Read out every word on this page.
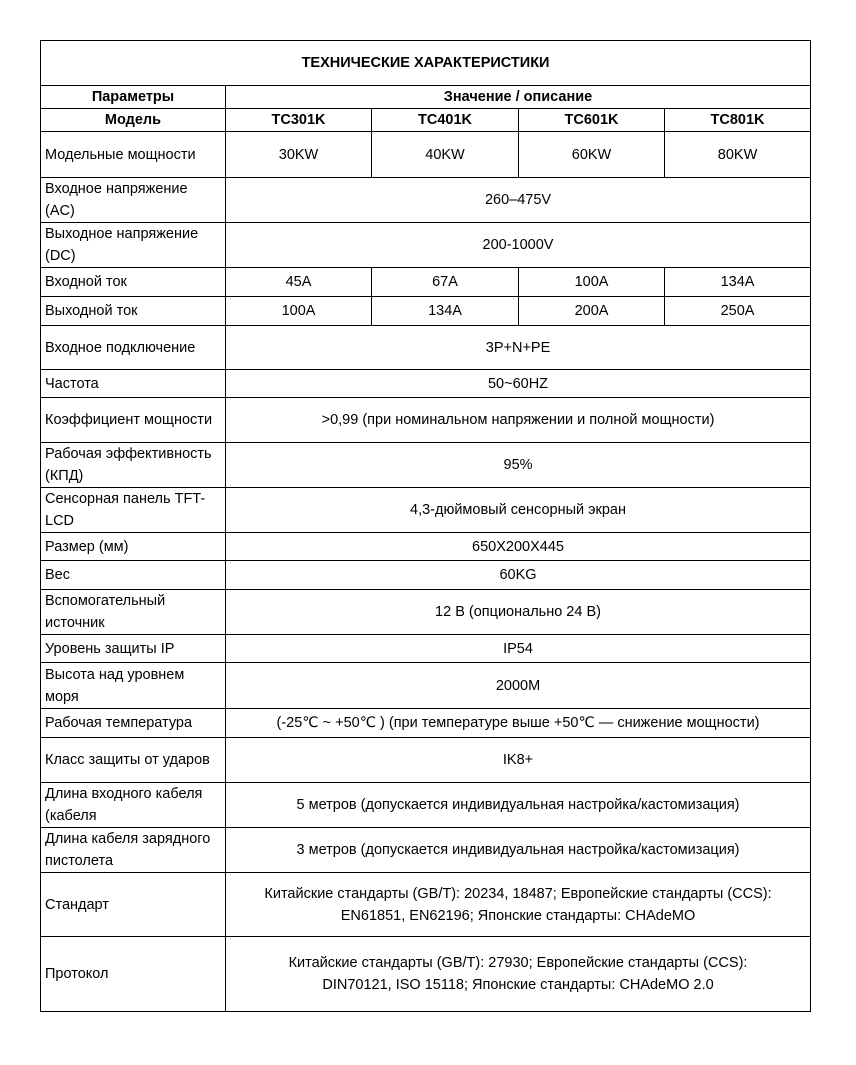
ТЕХНИЧЕСКИЕ ХАРАКТЕРИСТИКИ				
Параметры	Значение / описание			
Модель	TC301K	TC401K	TC601K	TC801K
Модельные мощности	30KW	40KW	60KW	80KW
Входное напряжение (AC)	260–475V			
Выходное напряжение (DC)	200-1000V			
Входной ток	45A	67A	100A	134A
Выходной ток	100A	134A	200A	250A
Входное подключение	3P+N+PE			
Частота	50~60HZ			
Коэффициент мощности	>0,99 (при номинальном напряжении и полной мощности)			
Рабочая эффективность (КПД)	95%			
Сенсорная панель TFT-LCD	4,3-дюймовый сенсорный экран			
Размер (мм)	650X200X445			
Вес	60KG			
Вспомогательный источник	12 В (опционально 24 В)			
Уровень защиты IP	IP54			
Высота над уровнем моря	2000M			
Рабочая температура	(-25℃ ~ +50℃ ) (при температуре выше +50℃ — снижение мощности)			
Класс защиты от ударов	IK8+			
Длина входного кабеля (кабеля	5 метров (допускается индивидуальная настройка/кастомизация)			
Длина кабеля зарядного пистолета	3 метров (допускается индивидуальная настройка/кастомизация)			
Стандарт	Китайские стандарты (GB/T): 20234, 18487; Европейские стандарты (CCS):
EN61851, EN62196; Японские стандарты: CHAdeMO			

Протокол	Китайские стандарты (GB/T): 27930; Европейские стандарты (CCS):
DIN70121, ISO 15118; Японские стандарты: CHAdeMO 2.0			
